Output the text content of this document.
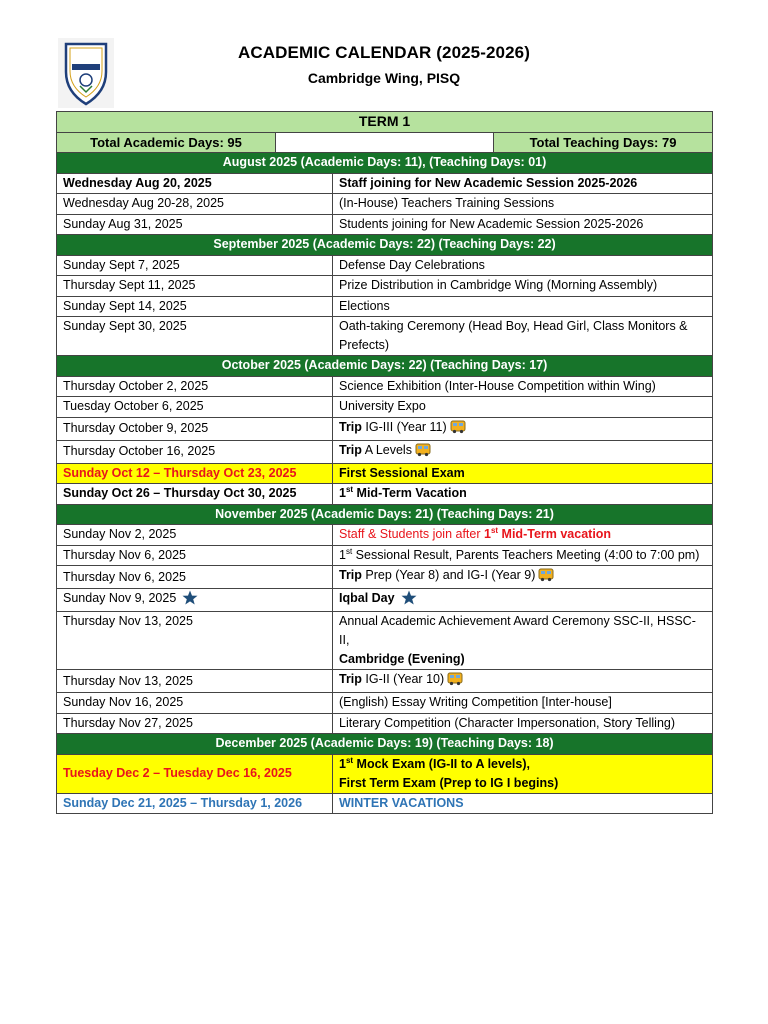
ACADEMIC CALENDAR (2025-2026)
Cambridge Wing, PISQ
TERM 1			
Total Academic Days: 95			Total Teaching Days: 79
August 2025 (Academic Days: 11), (Teaching Days: 01)			
Wednesday Aug 20, 2025		Staff joining for New Academic Session 2025-2026	
Wednesday Aug 20-28, 2025		(In-House) Teachers Training Sessions	
Sunday Aug 31, 2025		Students joining for New Academic Session 2025-2026	
September 2025 (Academic Days: 22) (Teaching Days: 22)			
Sunday Sept 7, 2025		Defense Day Celebrations	
Thursday Sept 11, 2025		Prize Distribution in Cambridge Wing (Morning Assembly)	
Sunday Sept 14, 2025		Elections	
Sunday Sept 30, 2025		Oath-taking Ceremony (Head Boy, Head Girl, Class Monitors & Prefects)	
October 2025 (Academic Days: 22) (Teaching Days: 17)			
Thursday October 2, 2025		Science Exhibition (Inter-House Competition within Wing)	
Tuesday October 6, 2025		University Expo	
Thursday October 9, 2025		Trip IG-III (Year 11)	
Thursday October 16, 2025		Trip A Levels	
Sunday Oct 12 – Thursday Oct 23, 2025		First Sessional Exam	
Sunday Oct 26 – Thursday Oct 30, 2025		1st Mid-Term Vacation	
November 2025 (Academic Days: 21) (Teaching Days: 21)			
Sunday Nov 2, 2025		Staff & Students join after 1st Mid-Term vacation	
Thursday Nov 6, 2025		1st Sessional Result, Parents Teachers Meeting (4:00 to 7:00 pm)	
Thursday Nov 6, 2025		Trip Prep (Year 8) and IG-I (Year 9)	
Sunday Nov 9, 2025		Iqbal Day	
Thursday Nov 13, 2025		Annual Academic Achievement Award Ceremony SSC-II, HSSC-II,
Cambridge (Evening)	

Thursday Nov 13, 2025		Trip IG-II (Year 10)	
Sunday Nov 16, 2025		(English) Essay Writing Competition [Inter-house]	
Thursday Nov 27, 2025		Literary Competition (Character Impersonation, Story Telling)	
December 2025 (Academic Days: 19) (Teaching Days: 18)			
Tuesday Dec 2 – Tuesday Dec 16, 2025		1st Mock Exam (IG-II to A levels),
First Term Exam (Prep to IG I begins)	

Sunday Dec 21, 2025 – Thursday 1, 2026		WINTER VACATIONS	
